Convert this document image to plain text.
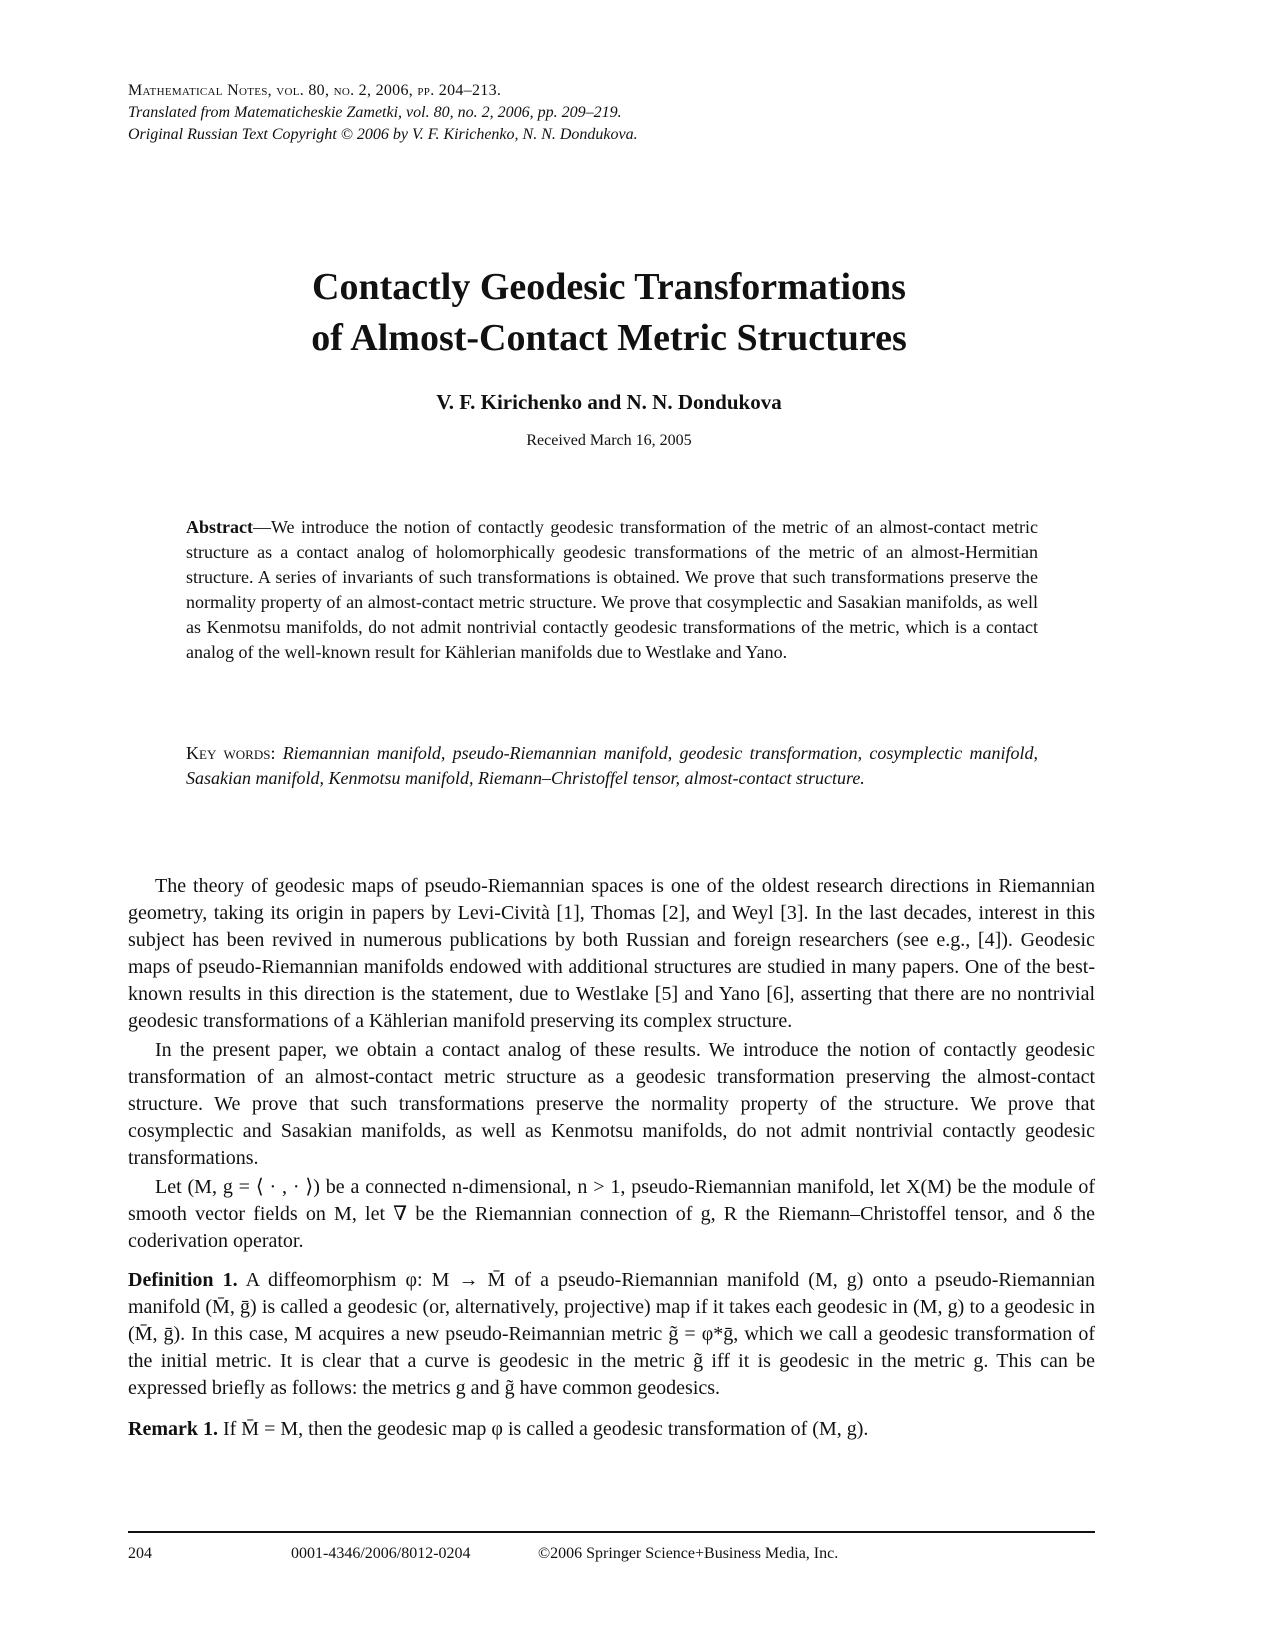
Mathematical Notes, vol. 80, no. 2, 2006, pp. 204–213.
Translated from Matematicheskie Zametki, vol. 80, no. 2, 2006, pp. 209–219.
Original Russian Text Copyright © 2006 by V. F. Kirichenko, N. N. Dondukova.
Contactly Geodesic Transformations
of Almost-Contact Metric Structures
V. F. Kirichenko and N. N. Dondukova
Received March 16, 2005
Abstract—We introduce the notion of contactly geodesic transformation of the metric of an almost-contact metric structure as a contact analog of holomorphically geodesic transformations of the metric of an almost-Hermitian structure. A series of invariants of such transformations is obtained. We prove that such transformations preserve the normality property of an almost-contact metric structure. We prove that cosymplectic and Sasakian manifolds, as well as Kenmotsu manifolds, do not admit nontrivial contactly geodesic transformations of the metric, which is a contact analog of the well-known result for Kählerian manifolds due to Westlake and Yano.
Key words: Riemannian manifold, pseudo-Riemannian manifold, geodesic transformation, cosymplectic manifold, Sasakian manifold, Kenmotsu manifold, Riemann–Christoffel tensor, almost-contact structure.

The theory of geodesic maps of pseudo-Riemannian spaces is one of the oldest research directions in Riemannian geometry, taking its origin in papers by Levi-Cività [1], Thomas [2], and Weyl [3]. In the last decades, interest in this subject has been revived in numerous publications by both Russian and foreign researchers (see e.g., [4]). Geodesic maps of pseudo-Riemannian manifolds endowed with additional structures are studied in many papers. One of the best-known results in this direction is the statement, due to Westlake [5] and Yano [6], asserting that there are no nontrivial geodesic transformations of a Kählerian manifold preserving its complex structure.

In the present paper, we obtain a contact analog of these results. We introduce the notion of contactly geodesic transformation of an almost-contact metric structure as a geodesic transformation preserving the almost-contact structure. We prove that such transformations preserve the normality property of the structure. We prove that cosymplectic and Sasakian manifolds, as well as Kenmotsu manifolds, do not admit nontrivial contactly geodesic transformations.

Let (M, g = ⟨ · , · ⟩) be a connected n-dimensional, n > 1, pseudo-Riemannian manifold, let X(M) be the module of smooth vector fields on M, let ∇ be the Riemannian connection of g, R the Riemann–Christoffel tensor, and δ the coderivation operator.

Definition 1. A diffeomorphism φ: M → M̄ of a pseudo-Riemannian manifold (M, g) onto a pseudo-Riemannian manifold (M̄, ḡ) is called a geodesic (or, alternatively, projective) map if it takes each geodesic in (M, g) to a geodesic in (M̄, ḡ). In this case, M acquires a new pseudo-Reimannian metric g̃ = φ*ḡ, which we call a geodesic transformation of the initial metric. It is clear that a curve is geodesic in the metric g̃ iff it is geodesic in the metric g. This can be expressed briefly as follows: the metrics g and g̃ have common geodesics.

Remark 1. If M̄ = M, then the geodesic map φ is called a geodesic transformation of (M, g).

204	0001-4346/2006/8012-0204	©2006 Springer Science+Business Media, Inc.
